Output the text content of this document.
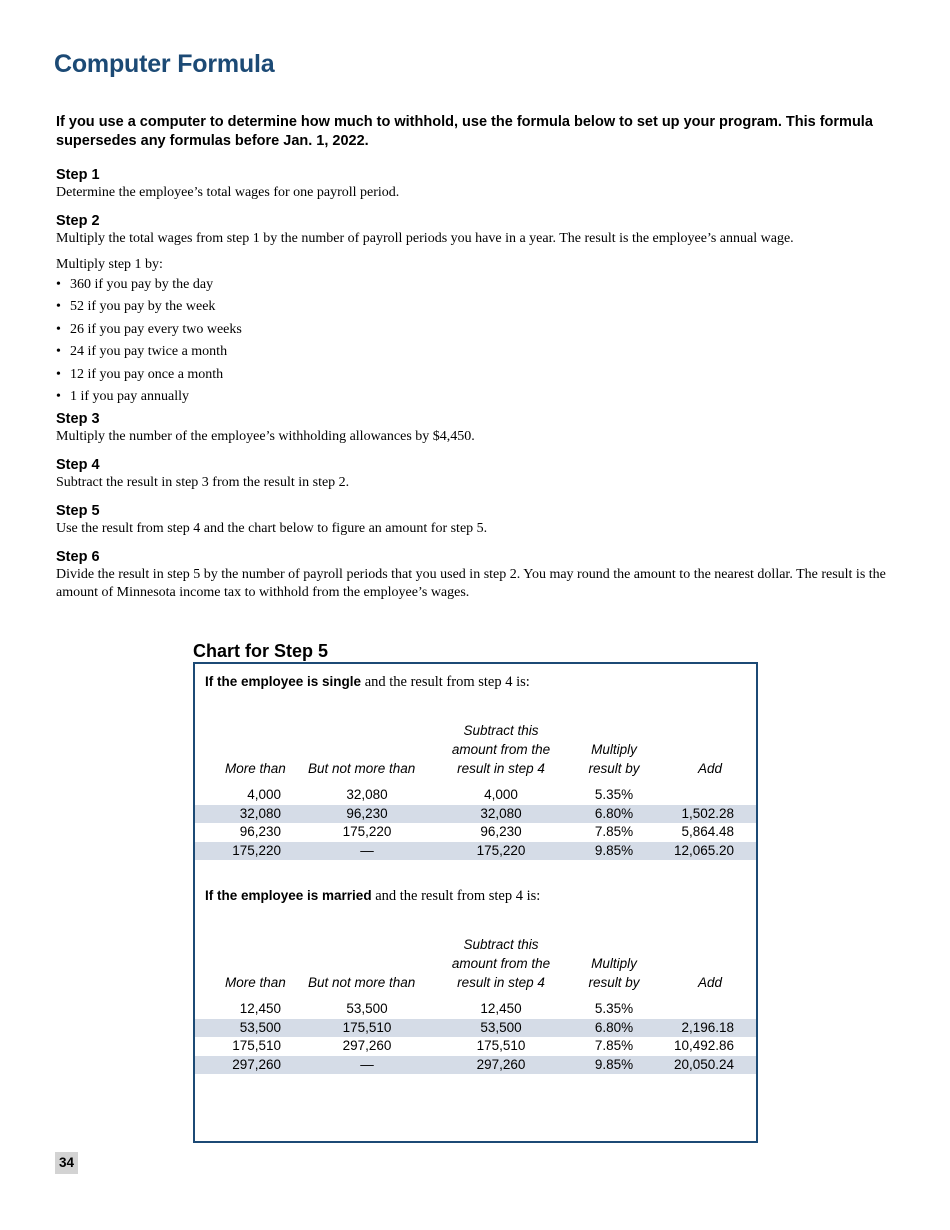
Computer Formula
If you use a computer to determine how much to withhold, use the formula below to set up your program. This formula supersedes any formulas before Jan. 1, 2022.

Step 1

Determine the employee’s total wages for one payroll period.

Step 2

Multiply the total wages from step 1 by the number of payroll periods you have in a year. The result is the employee’s annual wage.

Multiply step 1 by:

• 360 if you pay by the day
• 52 if you pay by the week
• 26 if you pay every two weeks
• 24 if you pay twice a month
• 12 if you pay once a month
• 1 if you pay annually

Step 3

Multiply the number of the employee’s withholding allowances by $4,450.

Step 4

Subtract the result in step 3 from the result in step 2.

Step 5

Use the result from step 4 and the chart below to figure an amount for step 5.

Step 6

Divide the result in step 5 by the number of payroll periods that you used in step 2. You may round the amount to the nearest dollar. The result is the amount of Minnesota income tax to withhold from the employee’s wages.

Chart for Step 5
If the employee is single and the result from step 4 is:
More than But not more than
Subtract this
amount from the
result in step 4
Multiply
result by	Add
4,000	32,080	4,000	5.35%
32,080	96,230	32,080	6.80%	1,502.28
96,230	175,220	96,230	7.85%	5,864.48
175,220	—	175,220	9.85%	12,065.20
If the employee is married and the result from step 4 is:
More than But not more than
Subtract this
amount from the
result in step 4
Multiply
result by	Add
12,450	53,500	12,450	5.35%
53,500	175,510	53,500	6.80%	2,196.18
175,510	297,260	175,510	7.85%	10,492.86
297,260	—	297,260	9.85%	20,050.24
34
